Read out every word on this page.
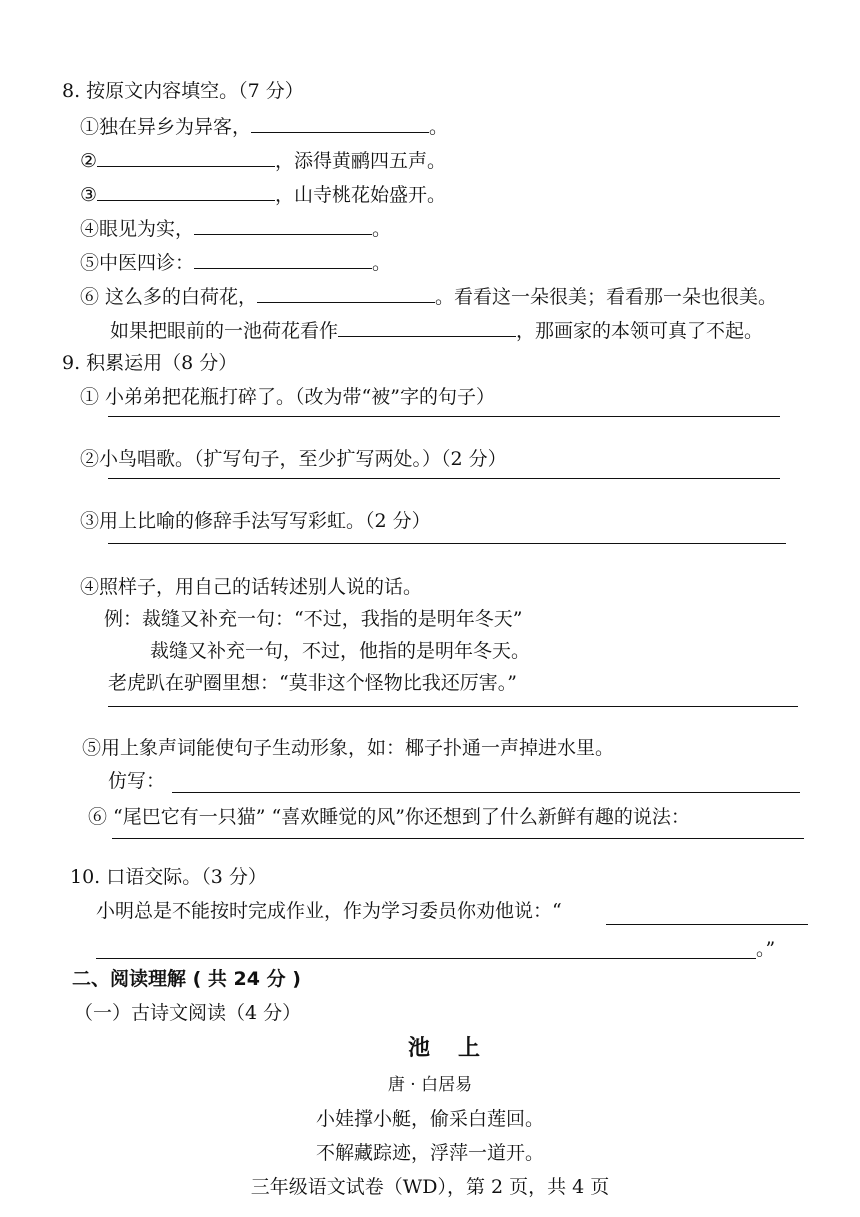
8. 按原文内容填空。（7 分）
①独在异乡为异客，	。
②	，添得黄鹂四五声。
③	，山寺桃花始盛开。
④眼见为实，	。
⑤中医四诊：	。
⑥ 这么多的白荷花，	。看看这一朵很美；看看那一朵也很美。
如果把眼前的一池荷花看作	，那画家的本领可真了不起。
9. 积累运用（8 分）
① 小弟弟把花瓶打碎了。（改为带“被”字的句子）
②小鸟唱歌。（扩写句子，至少扩写两处。）（2 分）
③用上比喻的修辞手法写写彩虹。（2 分）
④照样子，用自己的话转述别人说的话。
例：裁缝又补充一句：“不过，我指的是明年冬天”
裁缝又补充一句，不过，他指的是明年冬天。
老虎趴在驴圈里想：“莫非这个怪物比我还厉害。”
⑤用上象声词能使句子生动形象，如：椰子扑通一声掉进水里。
仿写：
⑥ “尾巴它有一只猫” “喜欢睡觉的风”你还想到了什么新鲜有趣的说法：
10. 口语交际。（3 分）
小明总是不能按时完成作业，作为学习委员你劝他说：“
。”
二、阅读理解 ( 共 24 分 )
（一）古诗文阅读（4 分）
池上
唐 · 白居易
小娃撑小艇，偷采白莲回。
不解藏踪迹，浮萍一道开。
三年级语文试卷（WD），第 2 页，共 4 页
